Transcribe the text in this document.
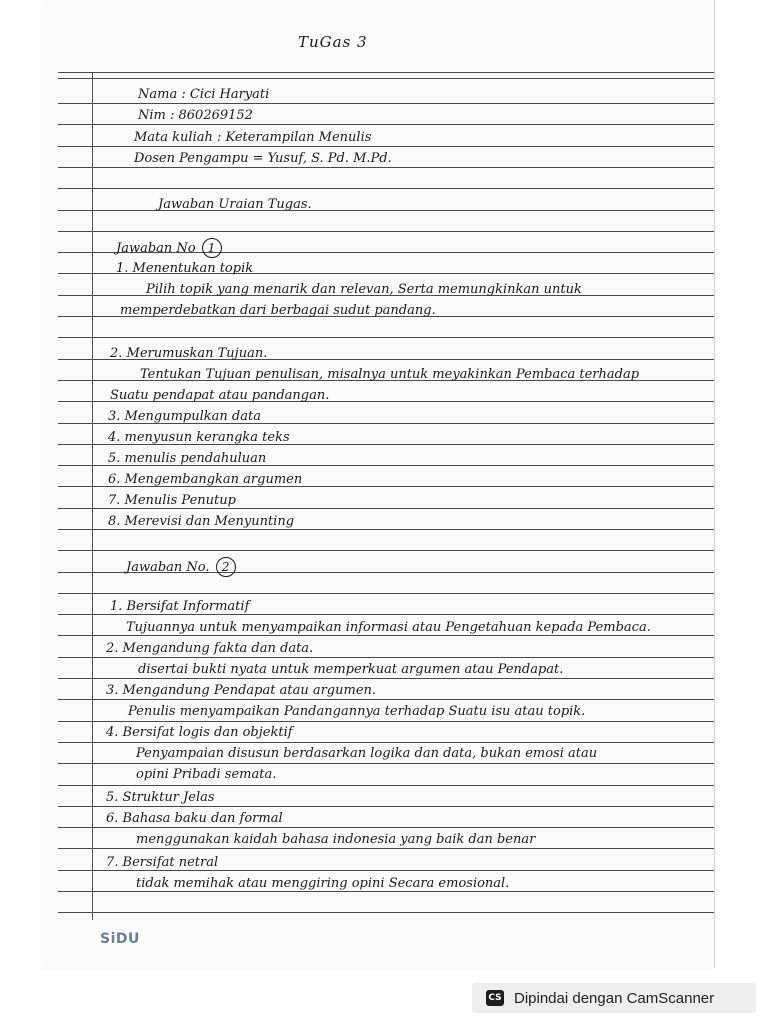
TuGas 3
Nama : Cici Haryati
Nim : 860269152
Mata kuliah : Keterampilan Menulis
Dosen Pengampu = Yusuf, S. Pd. M.Pd.
Jawaban Uraian Tugas.
Jawaban No 1
1. Menentukan topik
Pilih topik yang menarik dan relevan, Serta memungkinkan untuk
memperdebatkan dari berbagai sudut pandang.
2. Merumuskan Tujuan.
Tentukan Tujuan penulisan, misalnya untuk meyakinkan Pembaca terhadap
Suatu pendapat atau pandangan.
3. Mengumpulkan data
4. menyusun kerangka teks
5. menulis pendahuluan
6. Mengembangkan argumen
7. Menulis Penutup
8. Merevisi dan Menyunting
Jawaban No. 2
1. Bersifat Informatif
Tujuannya untuk menyampaikan informasi atau Pengetahuan kepada Pembaca.
2. Mengandung fakta dan data.
disertai bukti nyata untuk memperkuat argumen atau Pendapat.
3. Mengandung Pendapat atau argumen.
Penulis menyampaikan Pandangannya terhadap Suatu isu atau topik.
4. Bersifat logis dan objektif
Penyampaian disusun berdasarkan logika dan data, bukan emosi atau
opini Pribadi semata.
5. Struktur Jelas
6. Bahasa baku dan formal
menggunakan kaidah bahasa indonesia yang baik dan benar
7. Bersifat netral
tidak memihak atau menggiring opini Secara emosional.
SiDU
CS Dipindai dengan CamScanner
